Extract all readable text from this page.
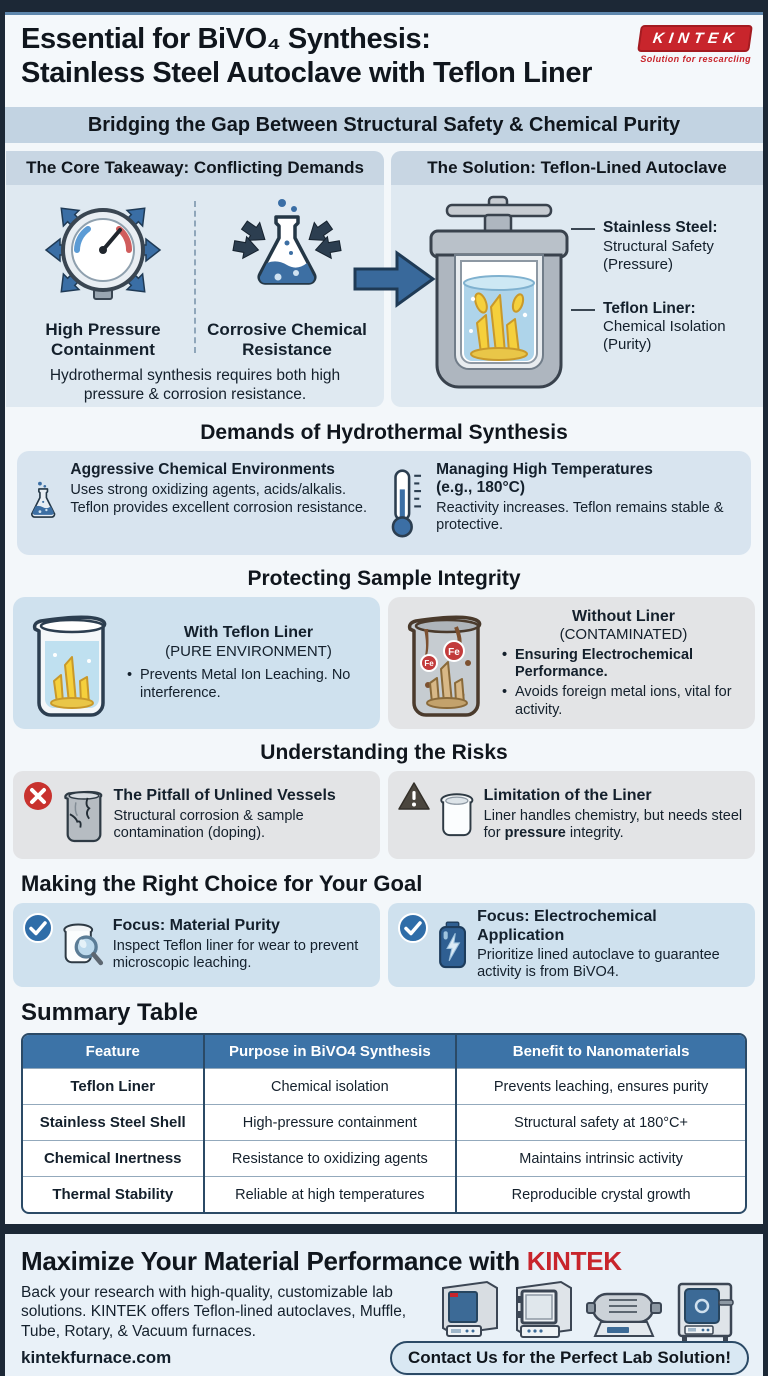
Essential for BiVO₄ Synthesis:
Stainless Steel Autoclave with Teflon Liner
KINTEK
Solution for rescarcling
Bridging the Gap Between Structural Safety & Chemical Purity
The Core Takeaway: Conflicting Demands
High Pressure Containment
Corrosive Chemical Resistance
Hydrothermal synthesis requires both high pressure & corrosion resistance.
The Solution: Teflon-Lined Autoclave
Stainless Steel:
Structural Safety (Pressure)
Teflon Liner:
Chemical Isolation (Purity)
Demands of Hydrothermal Synthesis
Aggressive Chemical Environments
Uses strong oxidizing agents, acids/alkalis. Teflon provides excellent corrosion resistance.
Managing High Temperatures
(e.g., 180°C)
Reactivity increases. Teflon remains stable & protective.
Protecting Sample Integrity
With Teflon Liner
(PURE ENVIRONMENT)
• Prevents Metal Ion Leaching. No interference.
Fe
Fe
Without Liner
(CONTAMINATED)
• Ensuring Electrochemical Performance.
• Avoids foreign metal ions, vital for activity.
Understanding the Risks
The Pitfall of Unlined Vessels
Structural corrosion & sample contamination (doping).
Limitation of the Liner
Liner handles chemistry, but needs steel for pressure integrity.
Making the Right Choice for Your Goal
Focus: Material Purity
Inspect Teflon liner for wear to prevent microscopic leaching.
Focus: Electrochemical Application
Prioritize lined autoclave to guarantee activity is from BiVO4.
Summary Table
Feature	Purpose in BiVO4 Synthesis	Benefit to Nanomaterials
Teflon Liner	Chemical isolation	Prevents leaching, ensures purity
Stainless Steel Shell	High-pressure containment	Structural safety at 180°C+
Chemical Inertness	Resistance to oxidizing agents	Maintains intrinsic activity
Thermal Stability	Reliable at high temperatures	Reproducible crystal growth
Maximize Your Material Performance with KINTEK
Back your research with high-quality, customizable lab solutions. KINTEK offers Teflon-lined autoclaves, Muffle, Tube, Rotary, & Vacuum furnaces.
kintekfurnace.com	Contact Us for the Perfect Lab Solution!
